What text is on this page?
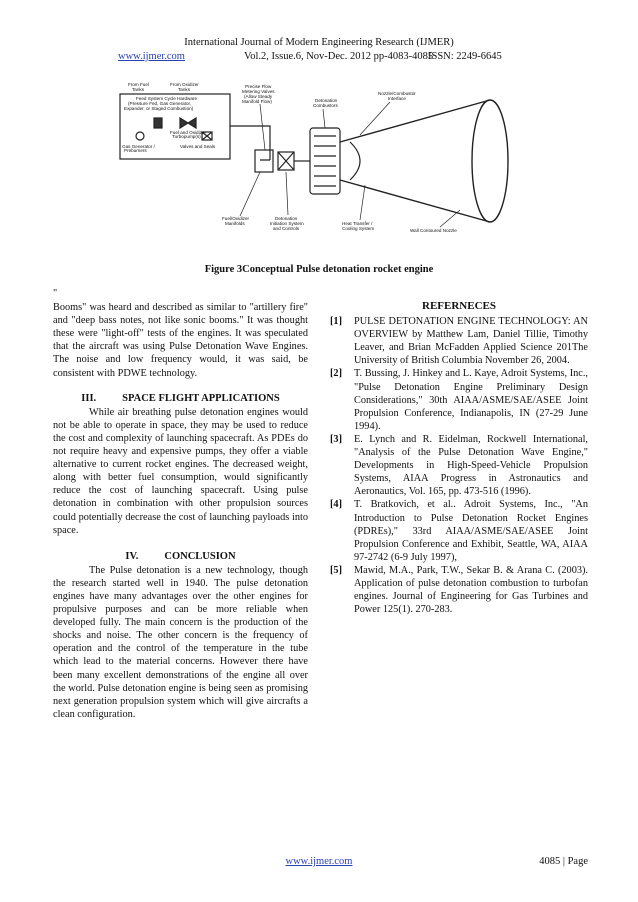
International Journal of Modern Engineering Research (IJMER)
www.ijmer.com	Vol.2, Issue.6, Nov-Dec. 2012 pp-4083-4085
ISSN: 2249-6645
From Fuel
Tanks
From Oxidizer
Tanks
Feed System Cycle Hardware
(Pressure Fed, Gas Generator,
Expander, or Staged Combustion)
Fuel and Oxidizer
Turbopump(s)
Gas Generator /
Preburners
Valves and Seals
Precise Flow
Metering Valves
(Allow Steady
Manifold Flow)	Detonation
Combustors
Nozzle/Combustor
Interface
Fuel/Oxidizer
Manifolds
Detonation
Initiation System
and Controls
Heat Transfer /
Cooling System	Wall Contoured Nozzle
Figure 3Conceptual Pulse detonation rocket engine

"

Booms" was heard and described as similar to "artillery fire" and "deep bass notes, not like sonic booms." It was thought these were "light-off" tests of the engines. It was speculated that the aircraft was using Pulse Detonation Wave Engines. The noise and low frequency would, it was said, be consistent with PDWE technology.

III. SPACE FLIGHT APPLICATIONS

While air breathing pulse detonation engines would not be able to operate in space, they may be used to reduce the cost and complexity of launching spacecraft. As PDEs do not require heavy and expensive pumps, they offer a viable alternative to current rocket engines. The decreased weight, along with better fuel consumption, would significantly reduce the cost of launching spacecraft. Using pulse detonation in combination with other propulsion sources could potentially decrease the cost of launching payloads into space.

IV. CONCLUSION

The Pulse detonation is a new technology, though the research started well in 1940. The pulse detonation engines have many advantages over the other engines for propulsive purposes and can be more reliable when developed fully. The main concern is the production of the shocks and noise. The other concern is the frequency of operation and the control of the temperature in the tube which lead to the material concerns. However there have been many excellent demonstrations of the engine all over the world. Pulse detonation engine is being seen as promising next generation propulsion system which will give aircrafts a clean configuration.

REFERNECES
[1]	PULSE DETONATION ENGINE TECHNOLOGY: AN OVERVIEW by Matthew Lam, Daniel Tillie, Timothy Leaver, and Brian McFadden Applied Science 201The University of British Columbia November 26, 2004.
[2]	T. Bussing, J. Hinkey and L. Kaye, Adroit Systems, Inc., "Pulse Detonation Engine Preliminary Design Considerations," 30th AIAA/ASME/SAE/ASEE Joint Propulsion Conference, Indianapolis, IN (27-29 June 1994).
[3]	E. Lynch and R. Eidelman, Rockwell International, "Analysis of the Pulse Detonation Wave Engine," Developments in High-Speed-Vehicle Propulsion Systems, AIAA Progress in Astronautics and Aeronautics, Vol. 165, pp. 473-516 (1996).
[4]	T. Bratkovich, et al.. Adroit Systems, Inc., "An Introduction to Pulse Detonation Rocket Engines (PDREs)," 33rd AIAA/ASME/SAE/ASEE Joint Propulsion Conference and Exhibit, Seattle, WA, AIAA 97-2742 (6-9 July 1997),
[5]	Mawid, M.A., Park, T.W., Sekar B. & Arana C. (2003). Application of pulse detonation combustion to turbofan engines. Journal of Engineering for Gas Turbines and Power 125(1). 270-283.
www.ijmer.com	4085 | Page
